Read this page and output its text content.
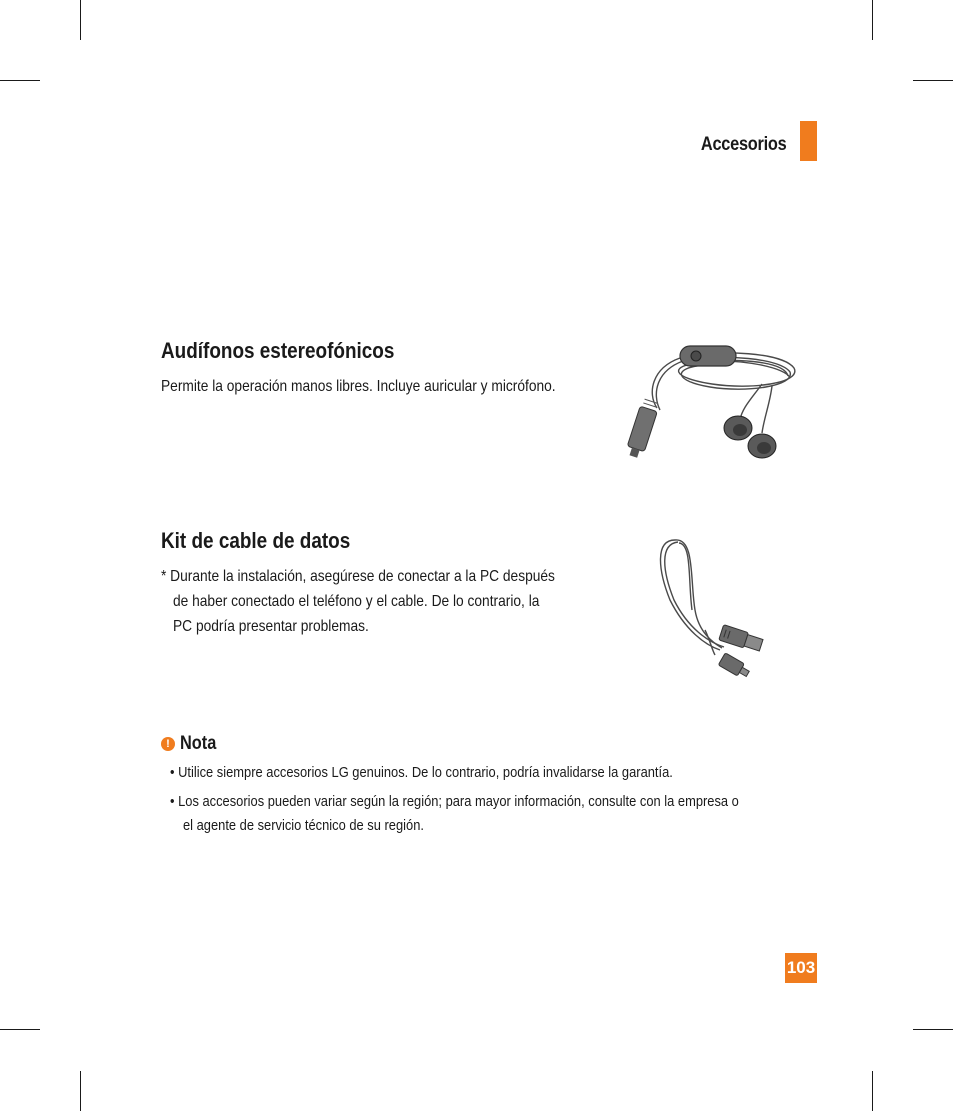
Accesorios
Audífonos estereofónicos
Permite la operación manos libres. Incluye auricular y micrófono.
Kit de cable de datos
* Durante la instalación, asegúrese de conectar a la PC después
de haber conectado el teléfono y el cable. De lo contrario, la
PC podría presentar problemas.
! Nota
• Utilice siempre accesorios LG genuinos. De lo contrario, podría invalidarse la garantía.
• Los accesorios pueden variar según la región; para mayor información, consulte con la empresa o
el agente de servicio técnico de su región.
103
